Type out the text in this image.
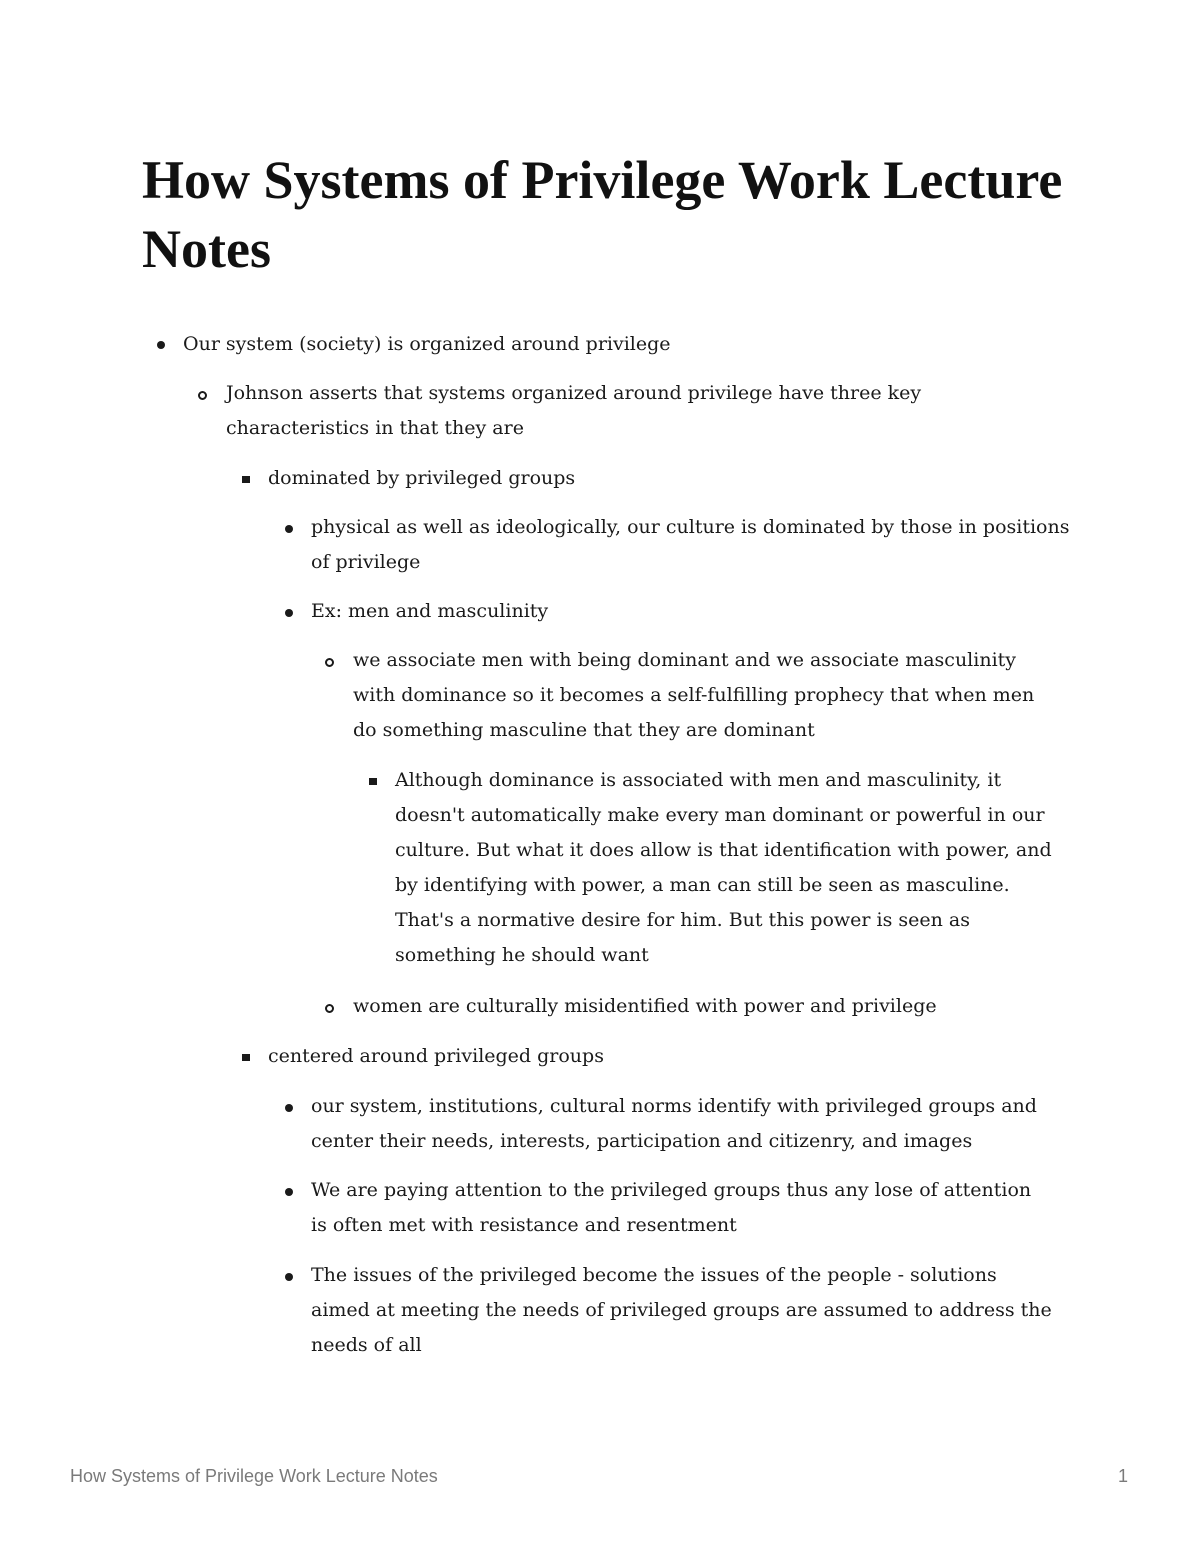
How Systems of Privilege Work Lecture Notes

Our system (society) is organized around privilege

Johnson asserts that systems organized around privilege have three key characteristics in that they are

dominated by privileged groups

physical as well as ideologically, our culture is dominated by those in positions of privilege

Ex: men and masculinity

we associate men with being dominant and we associate masculinity with dominance so it becomes a self-fulfilling prophecy that when men do something masculine that they are dominant

Although dominance is associated with men and masculinity, it doesn't automatically make every man dominant or powerful in our culture. But what it does allow is that identification with power, and by identifying with power, a man can still be seen as masculine. That's a normative desire for him. But this power is seen as something he should want

women are culturally misidentified with power and privilege

centered around privileged groups

our system, institutions, cultural norms identify with privileged groups and center their needs, interests, participation and citizenry, and images

We are paying attention to the privileged groups thus any lose of attention is often met with resistance and resentment

The issues of the privileged become the issues of the people - solutions aimed at meeting the needs of privileged groups are assumed to address the needs of all

How Systems of Privilege Work Lecture Notes	1
